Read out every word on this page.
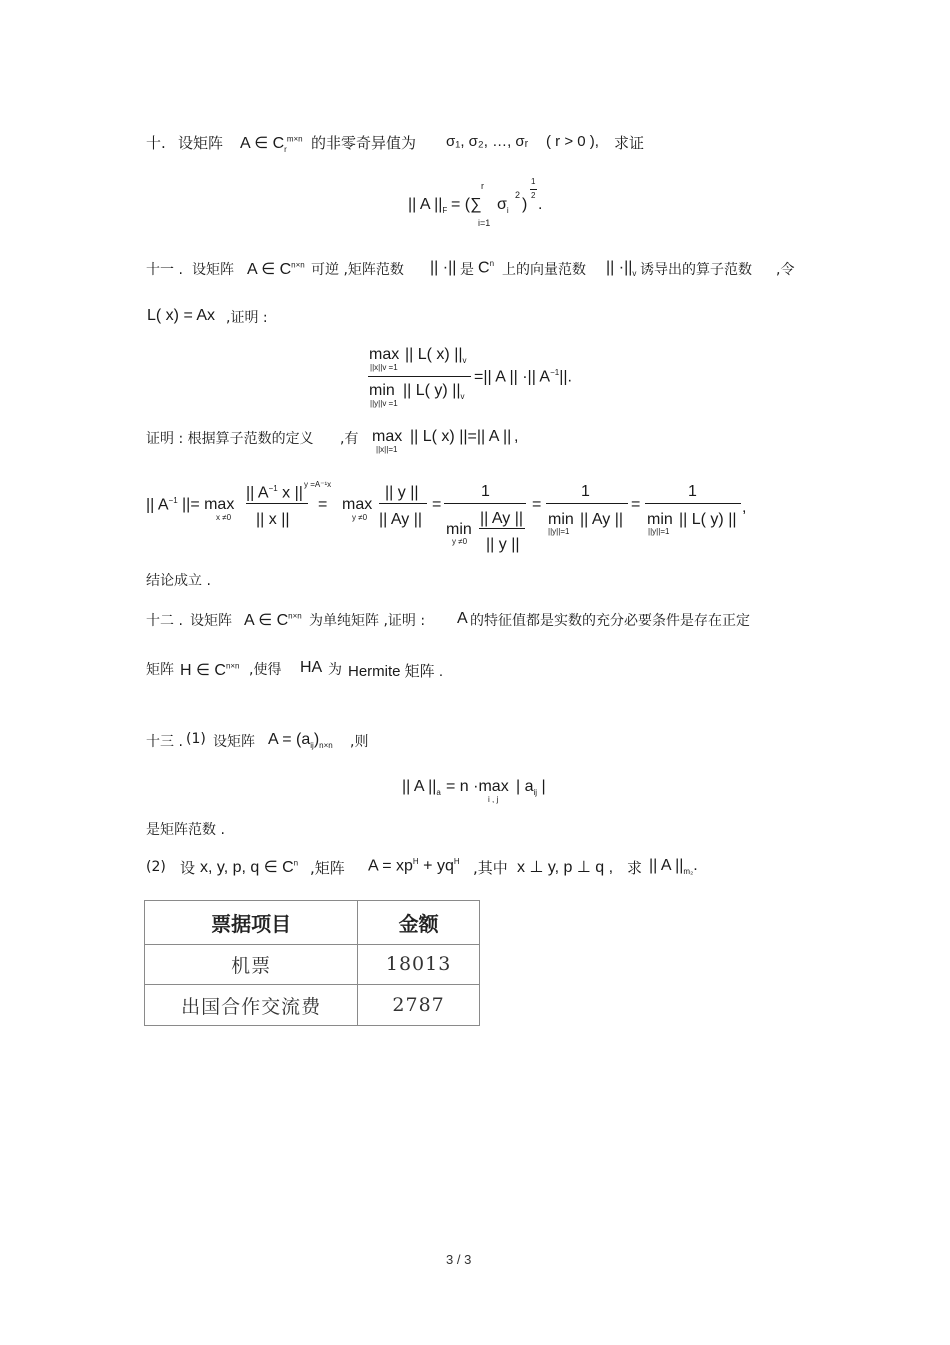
十. 设矩阵 A ∈ $C_r^{m\times n}$ 的非零奇异值为 σ₁, σ₂, …, σᵣ ( r > 0 ), 求证
|| A $||_F$ = (∑
r
i=1
$\sigma_i$
2
)
1
2
.
十一 . 设矩阵 A ∈ $C^{n\times n}$ 可逆 ,矩阵范数 || ·|| 是 $C^n$ 上的向量范数 || $\cdot||_v$ 诱导出的算子范数 ,令
L( x) = Ax ,证明 :
max
||x||v =1
|| L( x) $||_v$
min
||y||v =1
|| L( y) $||_v$
=|| A || ·|| $A^{-1}||$.
证明 : 根据算子范数的定义 ,有 max
||x||=1
|| L( x) ||=|| A || ,
|| $A^{-1}$ ||= max
x ≠0
|| $A^{-1}$ x || y =A⁻¹x
|| x ||
= max
y ≠0
|| y ||
|| Ay ||
=
1
min
y ≠0
|| Ay ||
|| y ||
=
1
min
||y||=1
|| Ay ||
=
1
min
||y||=1
|| L( y) ||
,
结论成立 .
十二 . 设矩阵 A ∈ $C^{n\times n}$ 为单纯矩阵 ,证明 : A 的特征值都是实数的充分必要条件是存在正定
矩阵 H ∈ $C^{n\times n}$ ,使得 HA 为 Hermite 矩阵 .
十三 . (1) 设矩阵 $A = (a_{ij})_{n\times n}$ ,则
|| A $||_a = n \cdot\max$
i , j
| $a_{ij}$ |
是矩阵范数 .
(2) 设 x, y, p, q ∈ $C^n$ ,矩阵 $A = xp^H + yq^H$ ,其中 x ⊥ y, p ⊥ q , 求 || A $||_{m_2}$.
票据项目	金额
机票	18013
出国合作交流费	2787
3 / 3
